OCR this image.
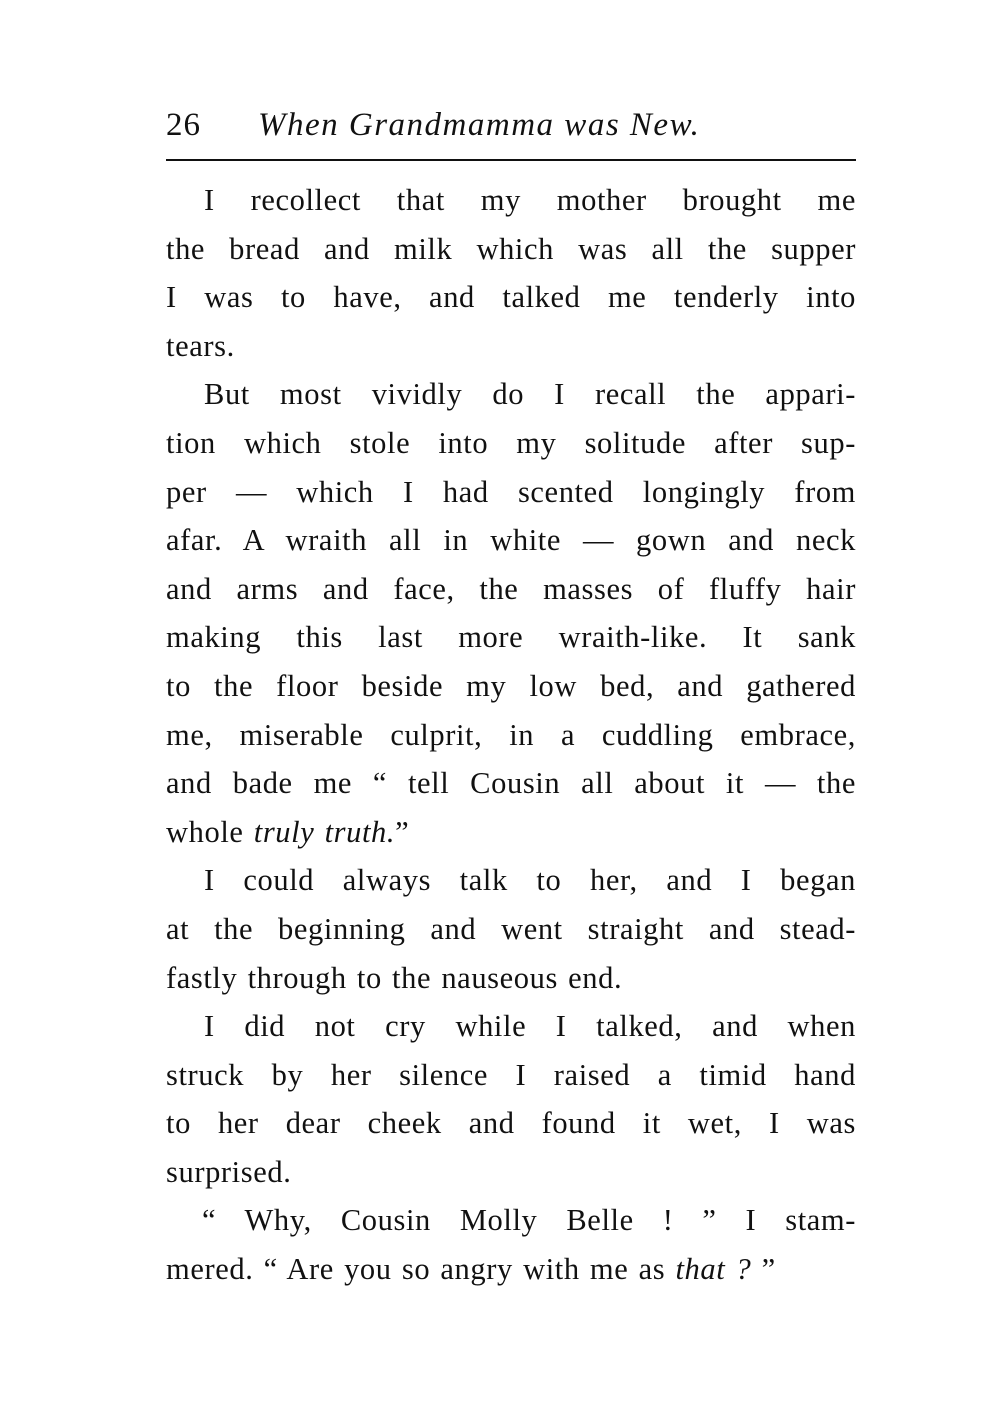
26 When Grandmamma was New.
I recollect that my mother brought me
the bread and milk which was all the supper
I was to have, and talked me tenderly into
tears.
But most vividly do I recall the appari-
tion which stole into my solitude after sup-
per — which I had scented longingly from
afar. A wraith all in white — gown and neck
and arms and face, the masses of fluffy hair
making this last more wraith-like. It sank
to the floor beside my low bed, and gathered
me, miserable culprit, in a cuddling embrace,
and bade me “ tell Cousin all about it — the
whole truly truth.”
I could always talk to her, and I began
at the beginning and went straight and stead-
fastly through to the nauseous end.
I did not cry while I talked, and when
struck by her silence I raised a timid hand
to her dear cheek and found it wet, I was
surprised.
“ Why, Cousin Molly Belle ! ” I stam-
mered. “ Are you so angry with me as that ? ”
